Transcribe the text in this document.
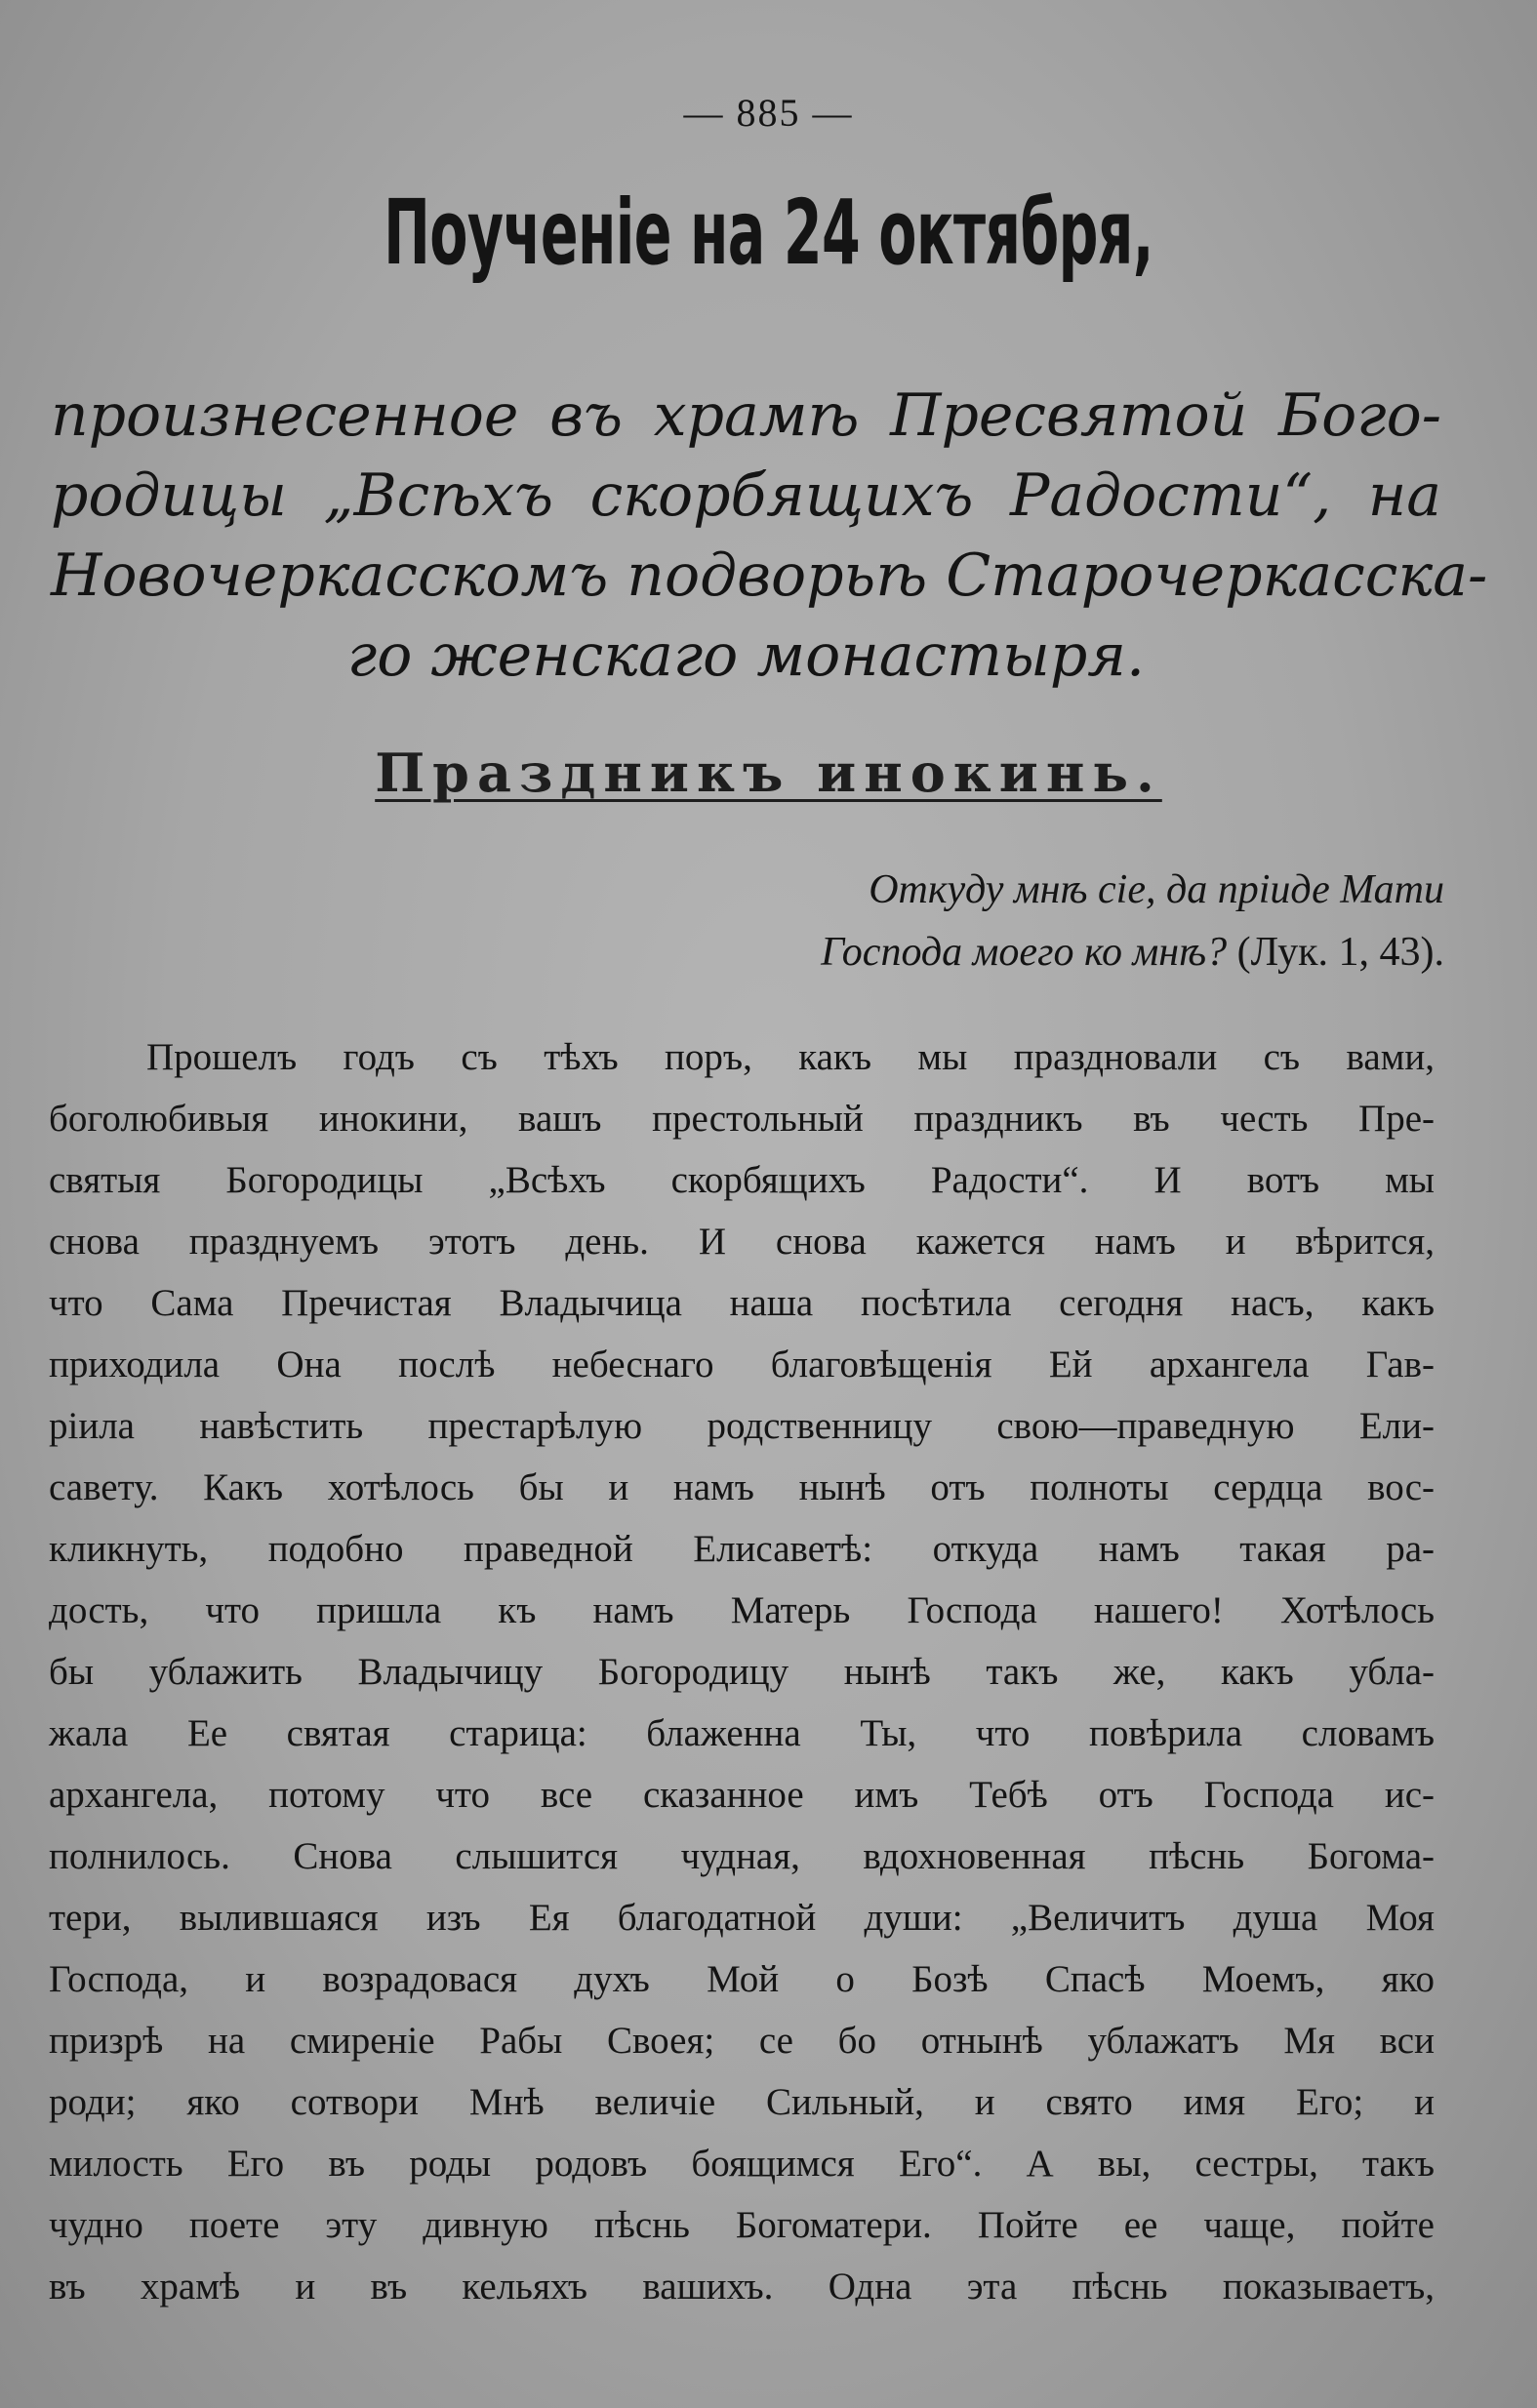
— 885 —
Поученіе на 24 октября,
произнесенное въ храмѣ Пресвятой Бого-
родицы „Всѣхъ скорбящихъ Радости“, на
Новочеркасскомъ подворьѣ Старочеркасска-
го женскаго монастыря.
Праздникъ инокинь.
Откуду мнѣ сіе, да пріиде Мати
Господа моего ко мнѣ? (Лук. 1, 43).
Прошелъ годъ съ тѣхъ поръ, какъ мы праздновали съ вами,
боголюбивыя инокини, вашъ престольный праздникъ въ честь Пре-
святыя Богородицы „Всѣхъ скорбящихъ Радости“. И вотъ мы
снова празднуемъ этотъ день. И снова кажется намъ и вѣрится,
что Сама Пречистая Владычица наша посѣтила сегодня насъ, какъ
приходила Она послѣ небеснаго благовѣщенія Ей архангела Гав-
ріила навѣстить престарѣлую родственницу свою—праведную Ели-
савету. Какъ хотѣлось бы и намъ нынѣ отъ полноты сердца вос-
кликнуть, подобно праведной Елисаветѣ: откуда намъ такая ра-
дость, что пришла къ намъ Матерь Господа нашего! Хотѣлось
бы ублажить Владычицу Богородицу нынѣ такъ же, какъ убла-
жала Ее святая старица: блаженна Ты, что повѣрила словамъ
архангела, потому что все сказанное имъ Тебѣ отъ Господа ис-
полнилось. Снова слышится чудная, вдохновенная пѣснь Богома-
тери, вылившаяся изъ Ея благодатной души: „Величитъ душа Моя
Господа, и возрадовася духъ Мой о Бозѣ Спасѣ Моемъ, яко
призрѣ на смиреніе Рабы Своея; се бо отнынѣ ублажатъ Мя вси
роди; яко сотвори Мнѣ величіе Сильный, и свято имя Его; и
милость Его въ роды родовъ боящимся Его“. А вы, сестры, такъ
чудно поете эту дивную пѣснь Богоматери. Пойте ее чаще, пойте
въ храмѣ и въ кельяхъ вашихъ. Одна эта пѣснь показываетъ,
